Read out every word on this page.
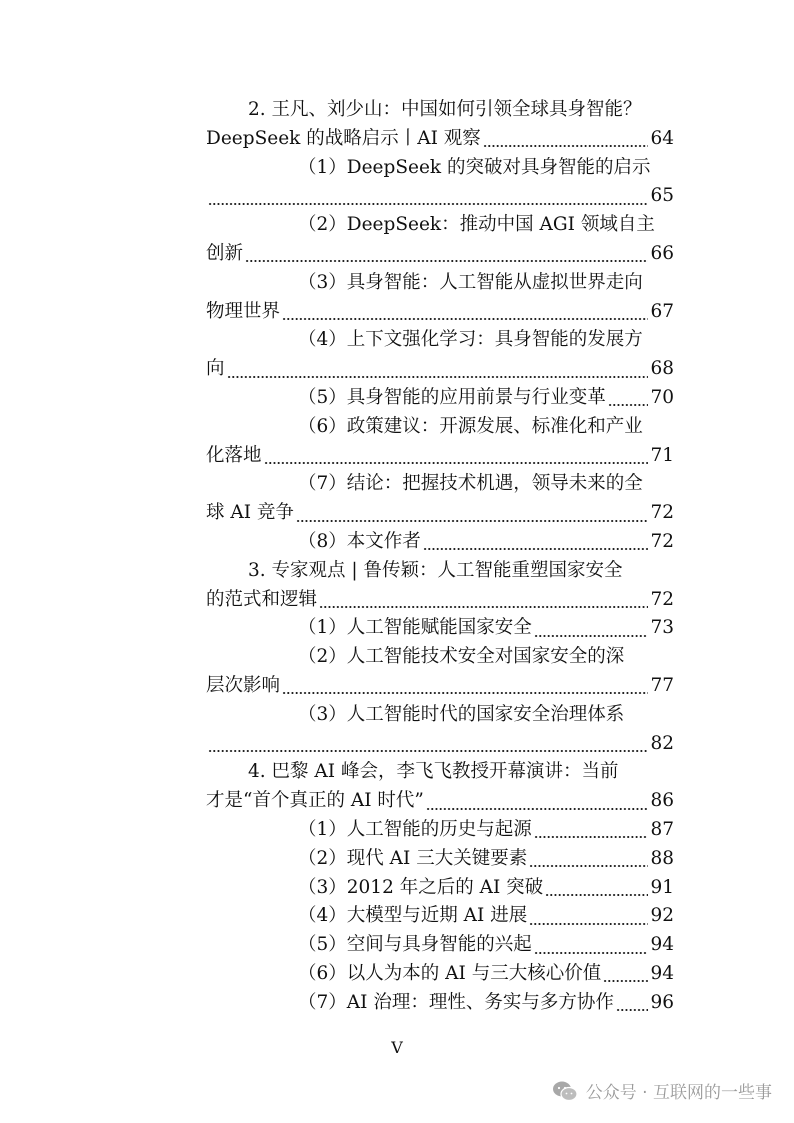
2. 王凡、刘少山：中国如何引领全球具身智能？
DeepSeek 的战略启示丨AI 观察	64
（1）DeepSeek 的突破对具身智能的启示
65
（2）DeepSeek：推动中国 AGI 领域自主
创新	66
（3）具身智能：人工智能从虚拟世界走向
物理世界	67
（4）上下文强化学习：具身智能的发展方
向	68
（5）具身智能的应用前景与行业变革 70
（6）政策建议：开源发展、标准化和产业
化落地	71
（7）结论：把握技术机遇，领导未来的全
球 AI 竞争	72
（8）本文作者	72
3. 专家观点 | 鲁传颖：人工智能重塑国家安全
的范式和逻辑	72
（1）人工智能赋能国家安全	73
（2）人工智能技术安全对国家安全的深
层次影响	77
（3）人工智能时代的国家安全治理体系
82
4. 巴黎 AI 峰会，李飞飞教授开幕演讲：当前
才是“首个真正的 AI 时代”	86
（1）人工智能的历史与起源	87
（2）现代 AI 三大关键要素	88
（3）2012 年之后的 AI 突破	91
（4）大模型与近期 AI 进展	92
（5）空间与具身智能的兴起	94
（6）以人为本的 AI 与三大核心价值	94
（7）AI 治理：理性、务实与多方协作 96
V
公众号 · 互联网的一些事
